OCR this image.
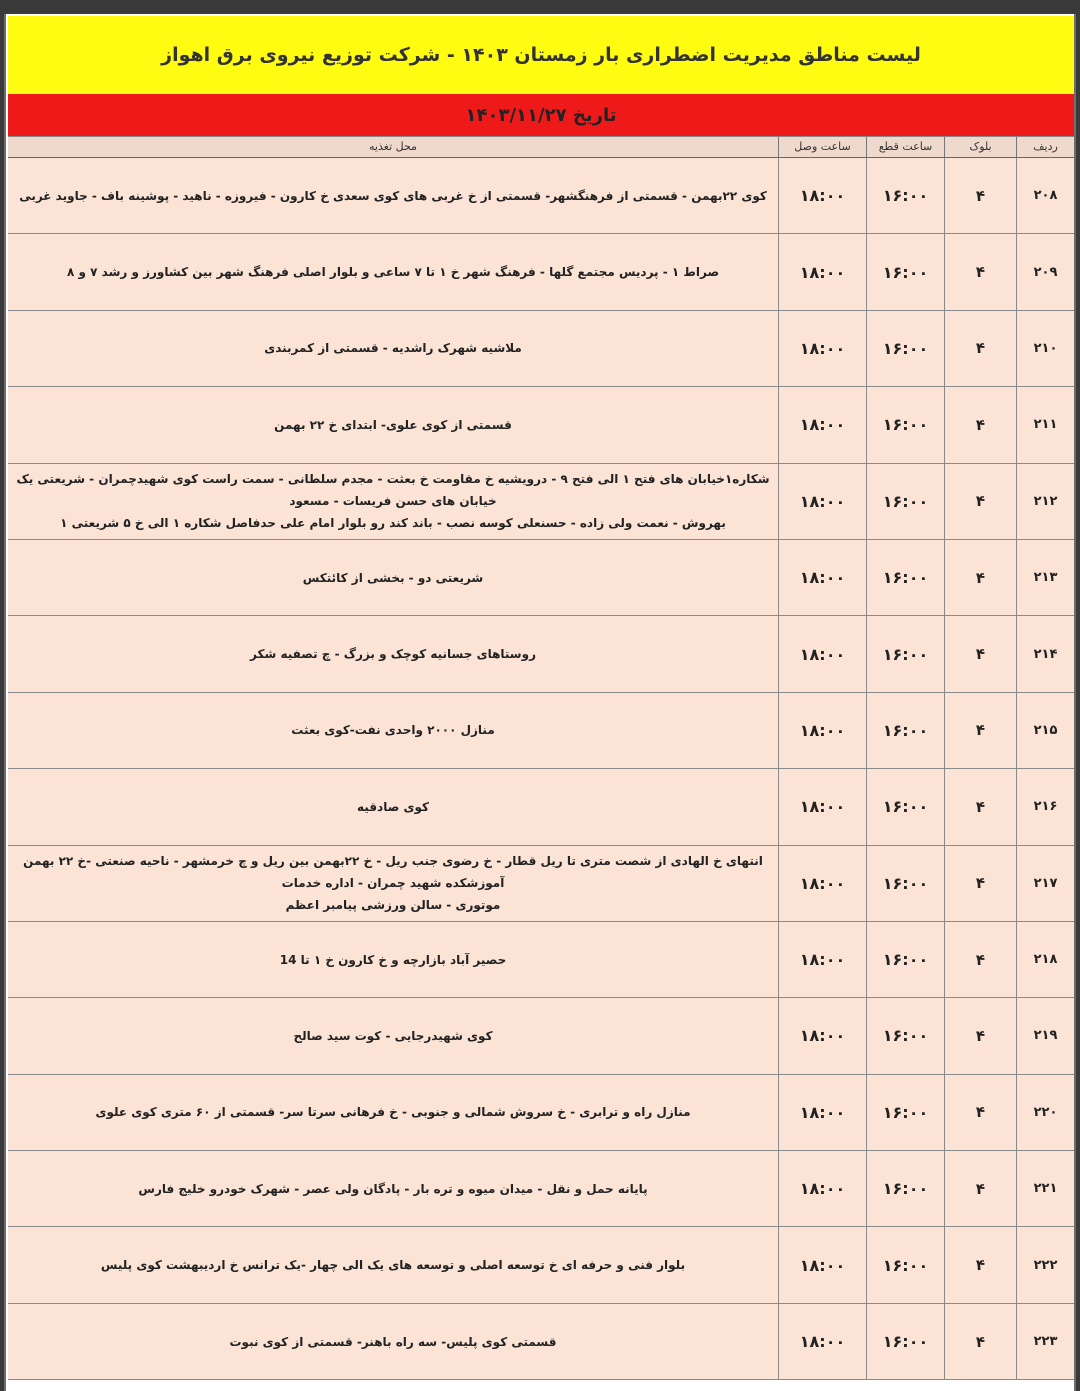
لیست مناطق مدیریت اضطراری بار زمستان ۱۴۰۳ - شرکت توزیع نیروی برق اهواز
تاریخ ۱۴۰۳/۱۱/۲۷
ردیف
بلوک
ساعت قطع
ساعت وصل
محل تغذیه
۲۰۸
۴
۱۶:۰۰
۱۸:۰۰
کوی ۲۲بهمن - قسمتی از فرهنگشهر- قسمتی از خ غربی های کوی سعدی خ کارون - فیروزه - ناهید - پوشینه باف - جاوید غربی
۲۰۹
۴
۱۶:۰۰
۱۸:۰۰
صراط ۱ - پردیس مجتمع گلها - فرهنگ شهر خ ۱ تا ۷ ساعی و بلوار اصلی فرهنگ شهر بین کشاورز و رشد ۷ و ۸
۲۱۰
۴
۱۶:۰۰
۱۸:۰۰
ملاشیه شهرک راشدیه - قسمتی از کمربندی
۲۱۱
۴
۱۶:۰۰
۱۸:۰۰
قسمتی از کوی علوی- ابتدای خ ۲۲ بهمن
۲۱۲
۴
۱۶:۰۰
۱۸:۰۰
شکاره۱خیابان های فتح ۱ الی فتح ۹ - درویشیه خ مقاومت خ بعثت - مجدم سلطانی - سمت راست کوی شهیدچمران - شریعتی یک خیابان های حسن فریسات - مسعود
بهروش - نعمت ولی زاده - حسنعلی کوسه نصب - باند کند رو بلوار امام علی حدفاصل شکاره ۱ الی خ ۵ شریعتی ۱
۲۱۳
۴
۱۶:۰۰
۱۸:۰۰
شریعتی دو - بخشی از کائتکس
۲۱۴
۴
۱۶:۰۰
۱۸:۰۰
روستاهای جسانیه کوچک و بزرگ - چ تصفیه شکر
۲۱۵
۴
۱۶:۰۰
۱۸:۰۰
منازل ۲۰۰۰ واحدی نفت-کوی بعثت
۲۱۶
۴
۱۶:۰۰
۱۸:۰۰
کوی صادقیه
۲۱۷
۴
۱۶:۰۰
۱۸:۰۰
انتهای خ الهادی از شصت متری تا ریل قطار - خ رضوی جنب ریل - خ ۲۲بهمن بین ریل و چ خرمشهر - ناحیه صنعتی -خ ۲۲ بهمن آموزشکده شهید چمران - اداره خدمات
موتوری - سالن ورزشی پیامبر اعظم
۲۱۸
۴
۱۶:۰۰
۱۸:۰۰
حصیر آباد بازارچه و خ کارون خ ۱ تا 14
۲۱۹
۴
۱۶:۰۰
۱۸:۰۰
کوی شهیدرجایی - کوت سید صالح
۲۲۰
۴
۱۶:۰۰
۱۸:۰۰
منازل راه و ترابری - خ سروش شمالی و جنوبی - خ فرهانی سرتا سر- قسمتی از ۶۰ متری کوی علوی
۲۲۱
۴
۱۶:۰۰
۱۸:۰۰
پایانه حمل و نقل - میدان میوه و تره بار - پادگان ولی عصر - شهرک خودرو خلیج فارس
۲۲۲
۴
۱۶:۰۰
۱۸:۰۰
بلوار فنی و حرفه ای خ توسعه اصلی و توسعه های یک الی چهار -یک ترانس خ اردیبهشت کوی پلیس
۲۲۳
۴
۱۶:۰۰
۱۸:۰۰
قسمتی کوی پلیس- سه راه باهنر- قسمتی از کوی نبوت
